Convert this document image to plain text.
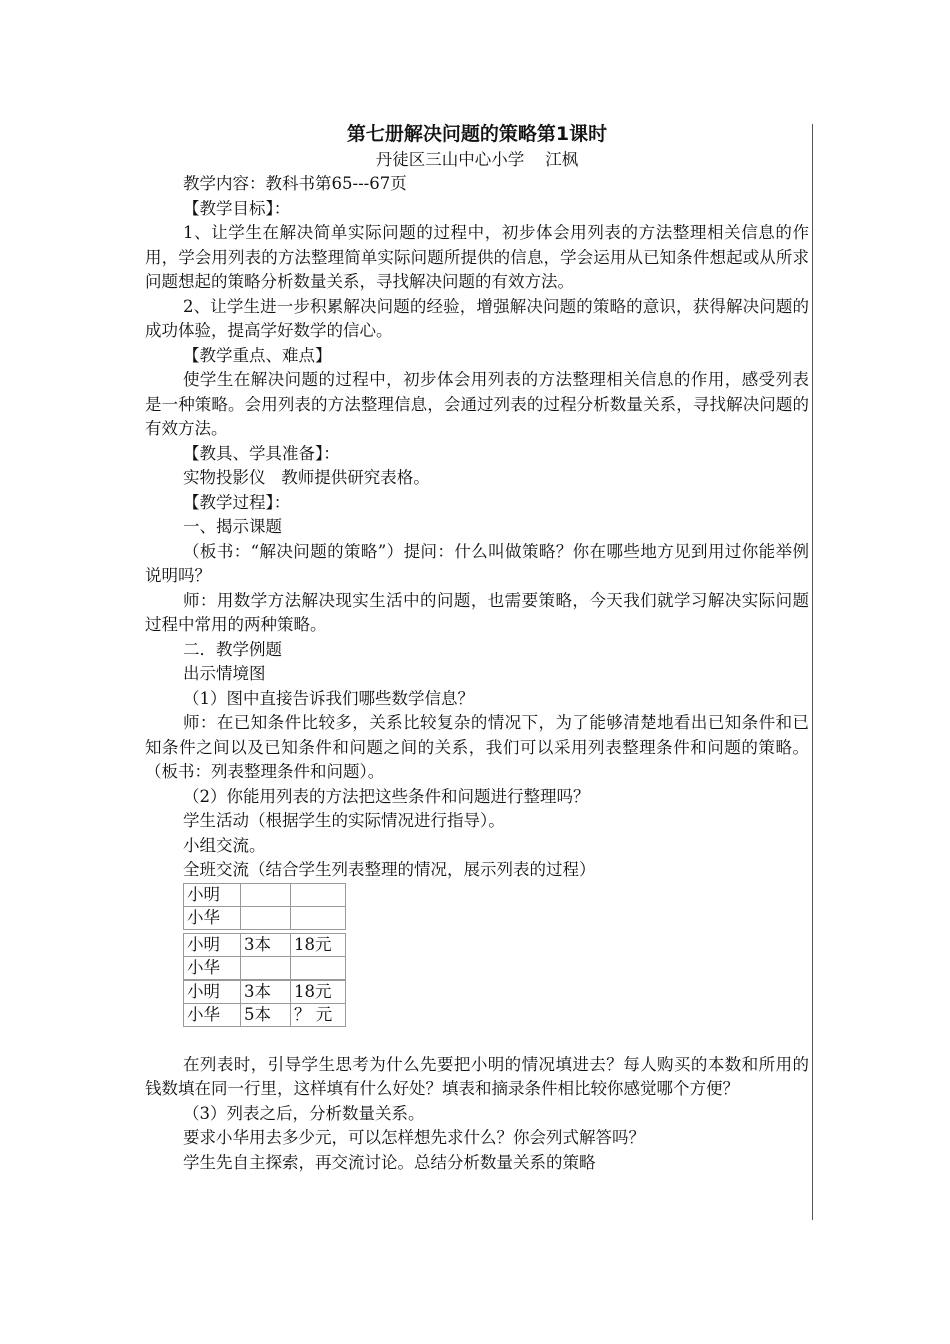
第七册解决问题的策略第1课时
丹徒区三山中心小学    江枫

教学内容：教科书第65---67页

【教学目标】：

1、让学生在解决简单实际问题的过程中，初步体会用列表的方法整理相关信息的作用，学会用列表的方法整理简单实际问题所提供的信息，学会运用从已知条件想起或从所求问题想起的策略分析数量关系，寻找解决问题的有效方法。

2、让学生进一步积累解决问题的经验，增强解决问题的策略的意识，获得解决问题的成功体验，提高学好数学的信心。

【教学重点、难点】

使学生在解决问题的过程中，初步体会用列表的方法整理相关信息的作用，感受列表是一种策略。会用列表的方法整理信息，会通过列表的过程分析数量关系，寻找解决问题的有效方法。

【教具、学具准备】：

实物投影仪   教师提供研究表格。

【教学过程】：

一、揭示课题

（板书：“解决问题的策略”）提问：什么叫做策略？你在哪些地方见到用过你能举例说明吗？

师：用数学方法解决现实生活中的问题，也需要策略，今天我们就学习解决实际问题过程中常用的两种策略。

二．教学例题

出示情境图

（1）图中直接告诉我们哪些数学信息？

师：在已知条件比较多，关系比较复杂的情况下，为了能够清楚地看出已知条件和已知条件之间以及已知条件和问题之间的关系，我们可以采用列表整理条件和问题的策略。（板书：列表整理条件和问题）。

（2）你能用列表的方法把这些条件和问题进行整理吗？

学生活动（根据学生的实际情况进行指导）。

小组交流。

全班交流（结合学生列表整理的情况，展示列表的过程）

小明		
小华		
小明	3本	18元
小华		
小明	3本	18元
小华	5本	？ 元

在列表时，引导学生思考为什么先要把小明的情况填进去？每人购买的本数和所用的钱数填在同一行里，这样填有什么好处？填表和摘录条件相比较你感觉哪个方便？

（3）列表之后，分析数量关系。

要求小华用去多少元，可以怎样想先求什么？你会列式解答吗？

学生先自主探索，再交流讨论。总结分析数量关系的策略
